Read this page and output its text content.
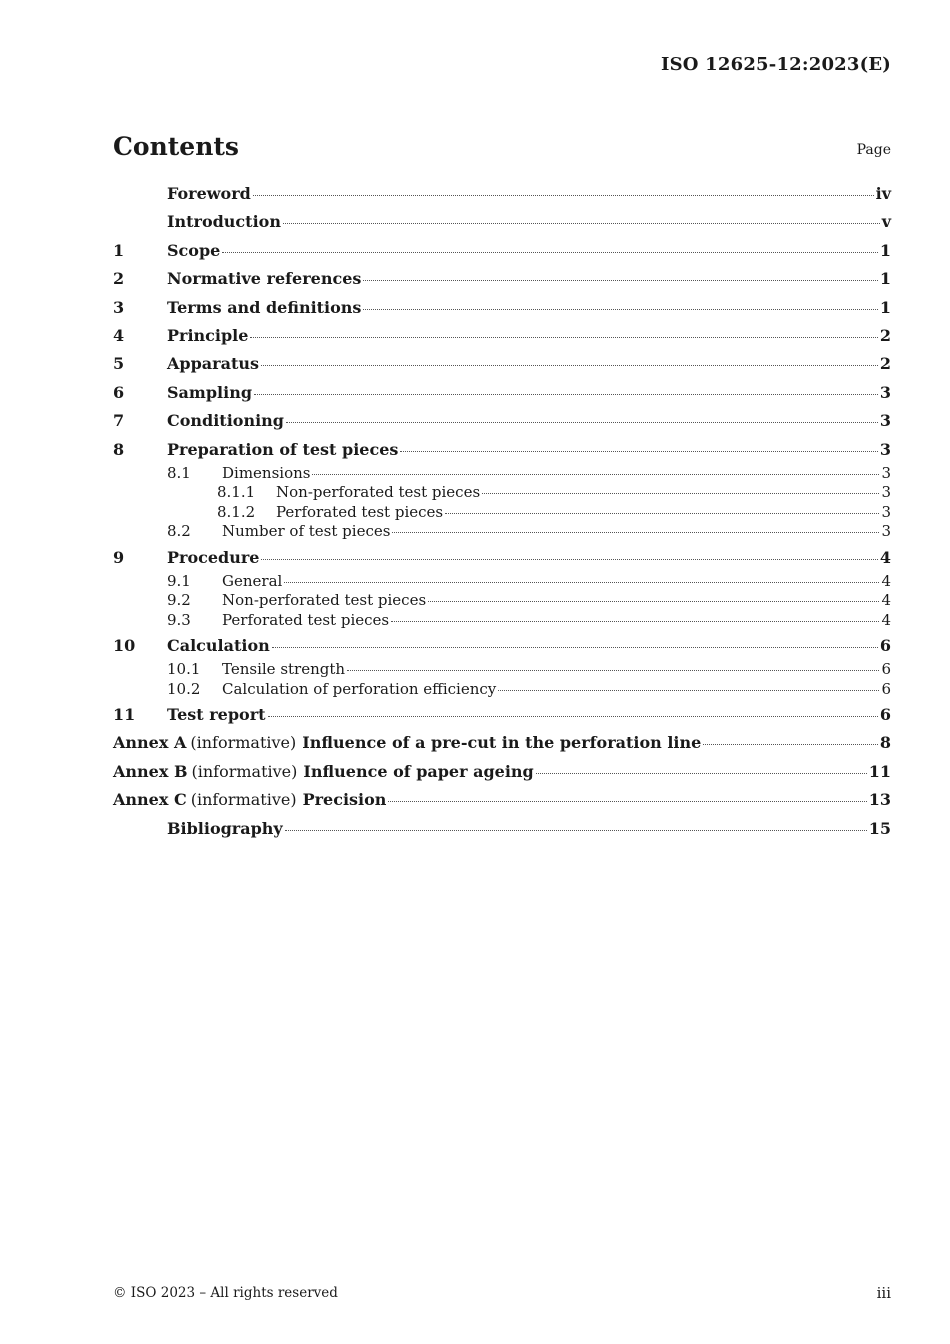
ISO 12625-12:2023(E)
Contents	Page
Foreword	iv
Introduction	v
1	Scope	1
2	Normative references	1
3	Terms and definitions	1
4	Principle	2
5	Apparatus	2
6	Sampling	3
7	Conditioning	3
8	Preparation of test pieces	3
8.1	Dimensions	3
8.1.1	Non-perforated test pieces	3
8.1.2	Perforated test pieces	3
8.2	Number of test pieces	3
9	Procedure	4
9.1	General	4
9.2	Non-perforated test pieces	4
9.3	Perforated test pieces	4
10	Calculation	6
10.1	Tensile strength	6
10.2	Calculation of perforation efficiency	6
11	Test report	6
Annex A (informative) Influence of a pre-cut in the perforation line	8
Annex B (informative) Influence of paper ageing	11
Annex C (informative) Precision	13
Bibliography	15
© ISO 2023 – All rights reserved	iii
